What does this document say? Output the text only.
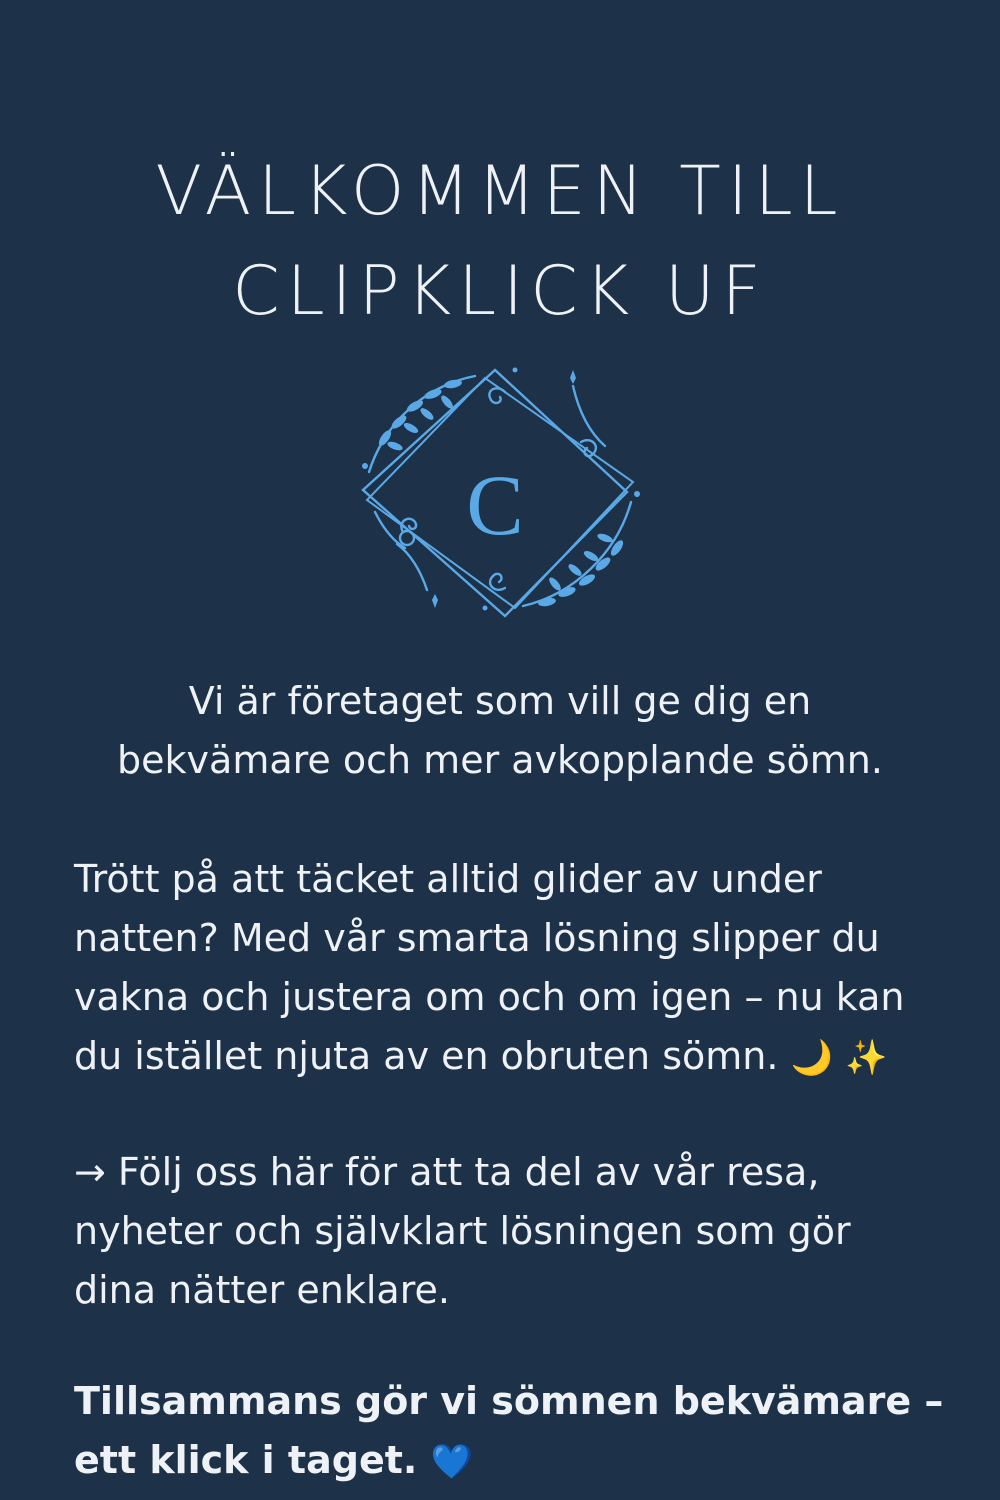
VÄLKOMMEN TILL
CLIPKLICK UF
C
Vi är företaget som vill ge dig en
bekvämare och mer avkopplande sömn.
Trött på att täcket alltid glider av under
natten? Med vår smarta lösning slipper du
vakna och justera om och om igen – nu kan
du istället njuta av en obruten sömn. 🌙 ✨
→ Följ oss här för att ta del av vår resa,
nyheter och självklart lösningen som gör
dina nätter enklare.
Tillsammans gör vi sömnen bekvämare –
ett klick i taget. 💙
